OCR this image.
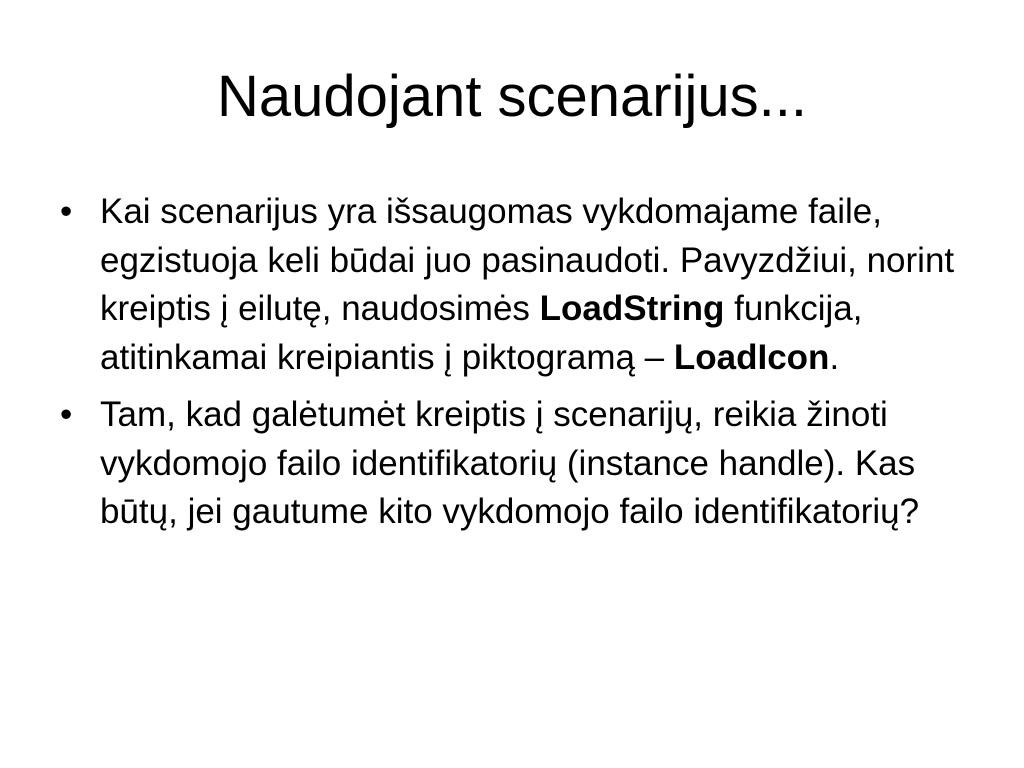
Naudojant scenarijus...
• Kai scenarijus yra išsaugomas vykdomajame faile, egzistuoja keli būdai juo pasinaudoti. Pavyzdžiui, norint kreiptis į eilutę, naudosimės LoadString funkcija, atitinkamai kreipiantis į piktogramą – LoadIcon.
• Tam, kad galėtumėt kreiptis į scenarijų, reikia žinoti vykdomojo failo identifikatorių (instance handle). Kas būtų, jei gautume kito vykdomojo failo identifikatorių?
